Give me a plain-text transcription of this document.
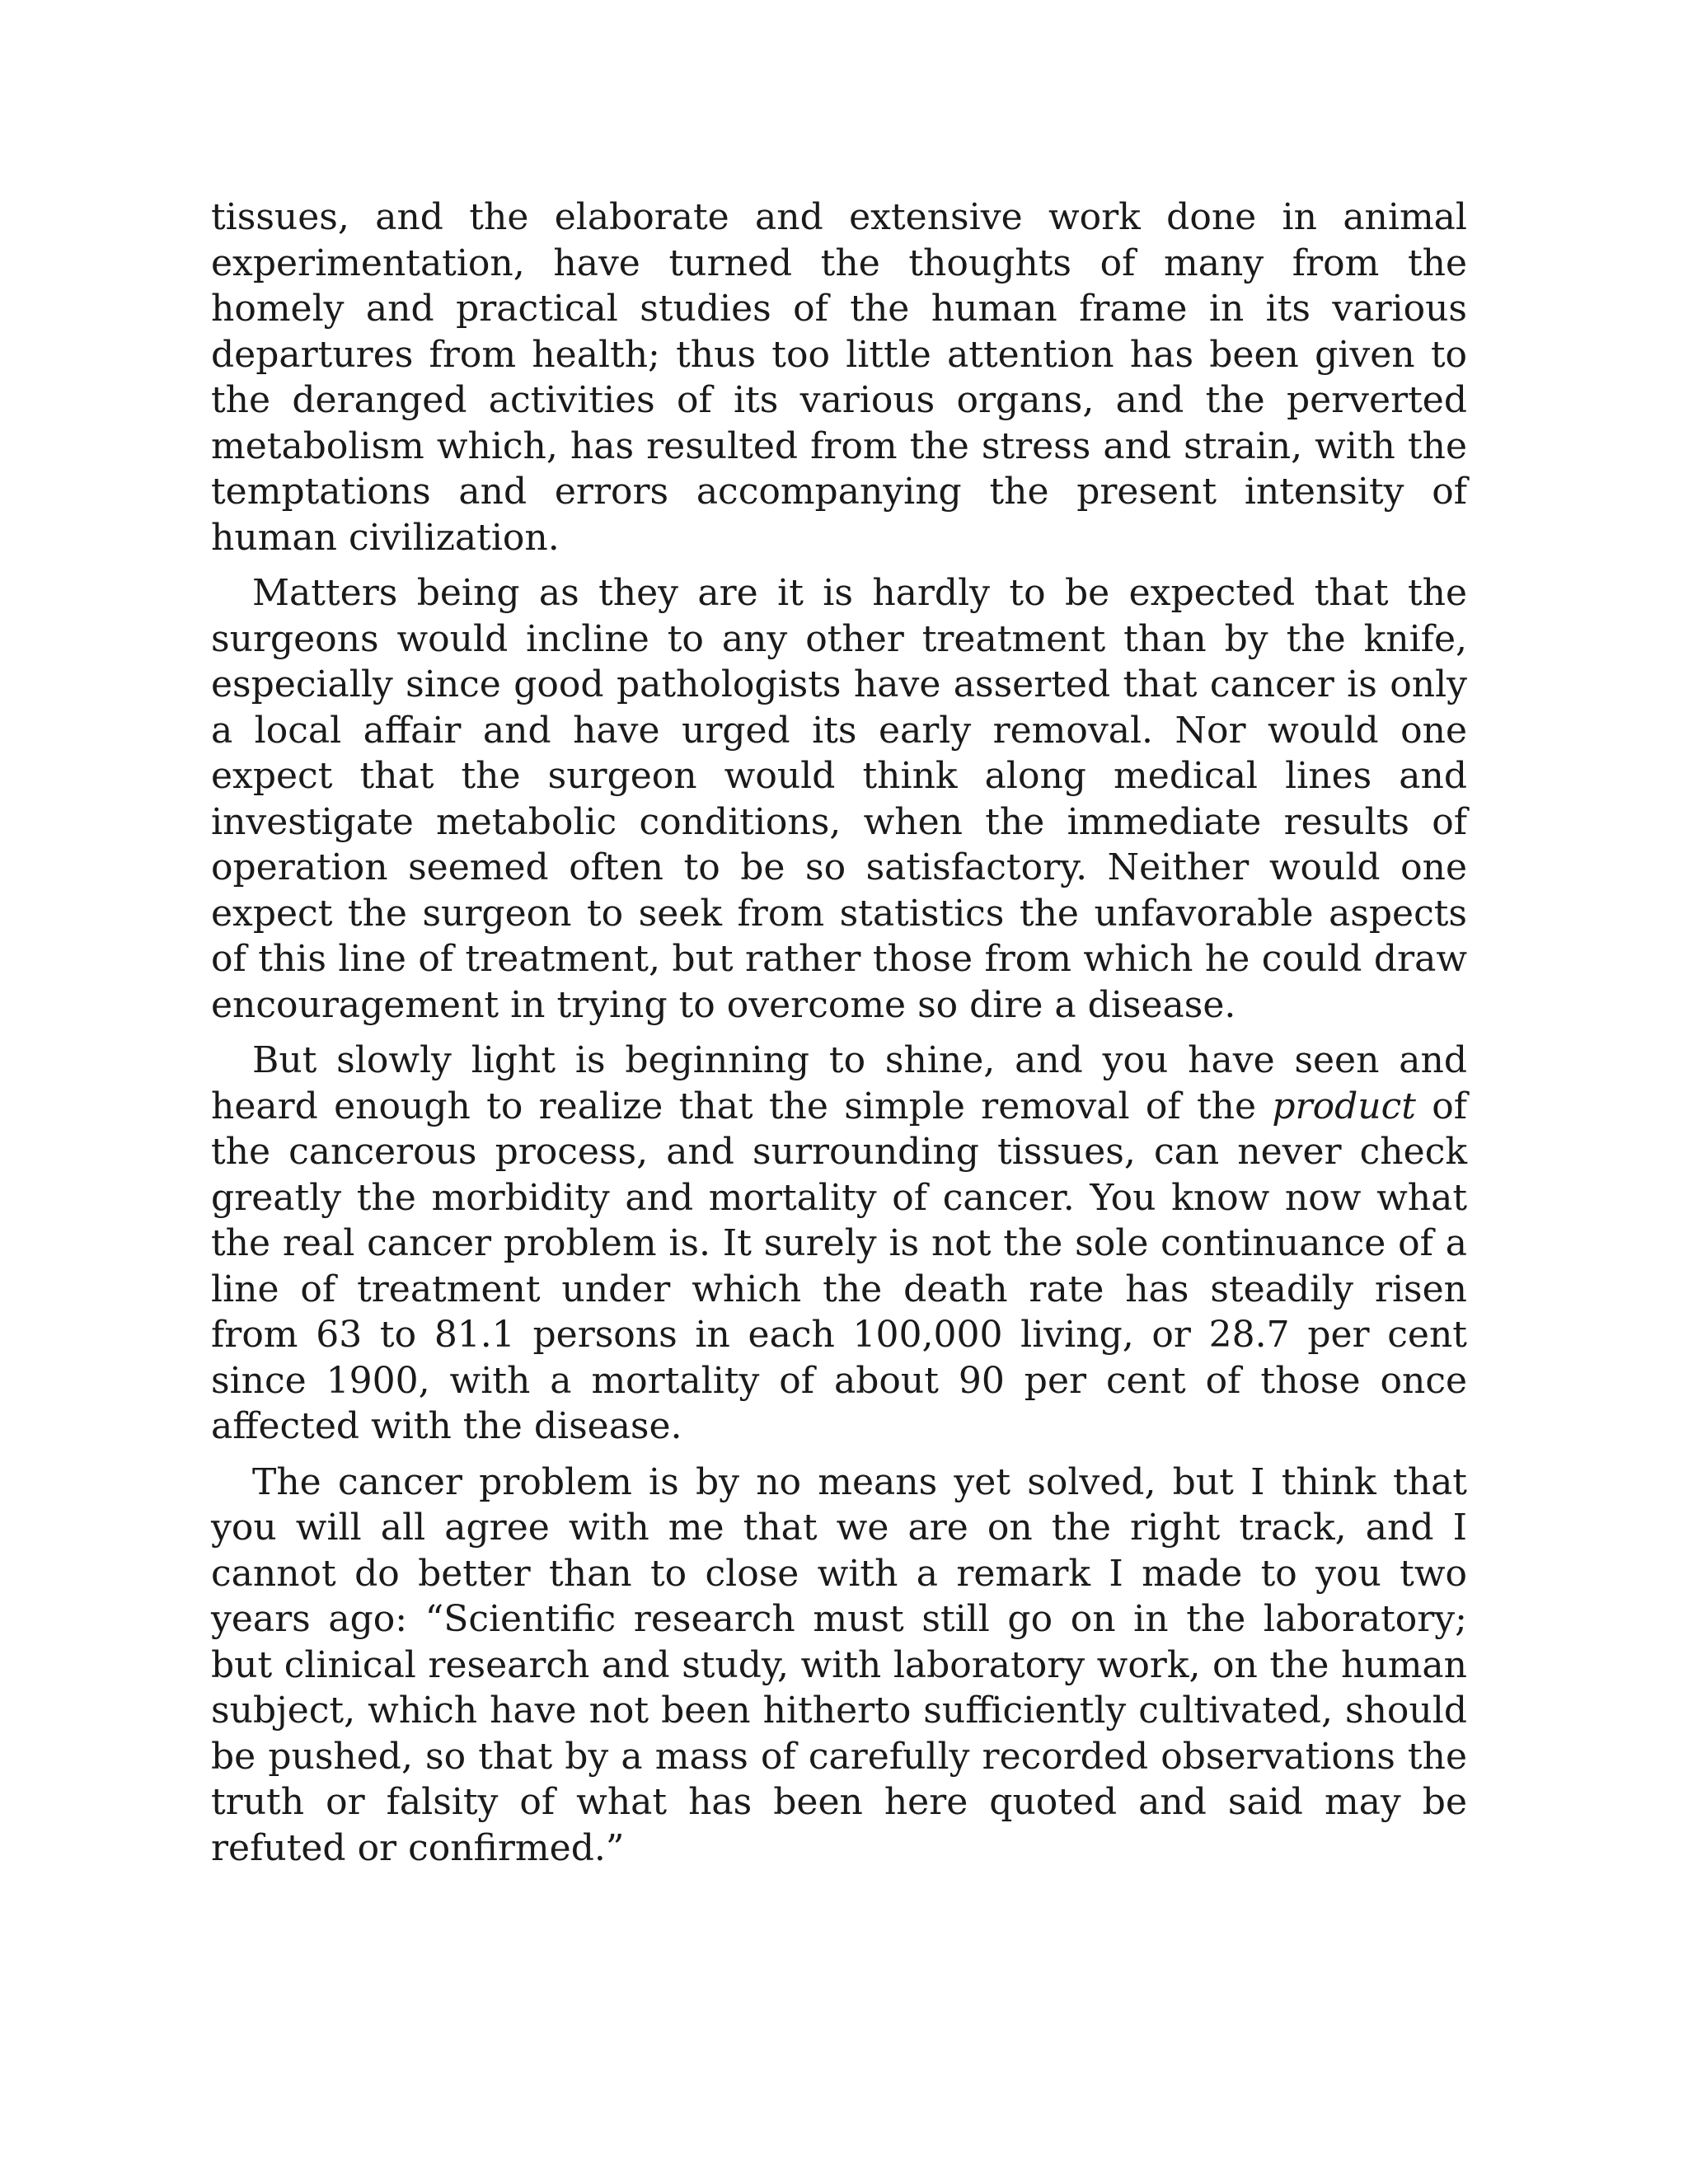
tissues, and the elaborate and extensive work done in animal experimentation, have turned the thoughts of many from the homely and practical studies of the human frame in its various departures from health; thus too little attention has been given to the deranged activities of its various organs, and the perverted metabolism which, has resulted from the stress and strain, with the temptations and errors accompanying the present intensity of human civilization.

Matters being as they are it is hardly to be expected that the surgeons would incline to any other treatment than by the knife, especially since good pathologists have asserted that cancer is only a local affair and have urged its early removal. Nor would one expect that the surgeon would think along medical lines and investigate metabolic conditions, when the immediate results of operation seemed often to be so satisfactory. Neither would one expect the surgeon to seek from statistics the unfavorable aspects of this line of treatment, but rather those from which he could draw encouragement in trying to overcome so dire a disease.

But slowly light is beginning to shine, and you have seen and heard enough to realize that the simple removal of the product of the cancerous process, and surrounding tissues, can never check greatly the morbidity and mortality of cancer. You know now what the real cancer problem is. It surely is not the sole continuance of a line of treatment under which the death rate has steadily risen from 63 to 81.1 persons in each 100,000 living, or 28.7 per cent since 1900, with a mortality of about 90 per cent of those once affected with the disease.

The cancer problem is by no means yet solved, but I think that you will all agree with me that we are on the right track, and I cannot do better than to close with a remark I made to you two years ago: “Scientific research must still go on in the laboratory; but clinical research and study, with laboratory work, on the human subject, which have not been hitherto sufficiently cultivated, should be pushed, so that by a mass of carefully recorded observations the truth or falsity of what has been here quoted and said may be refuted or confirmed.”
